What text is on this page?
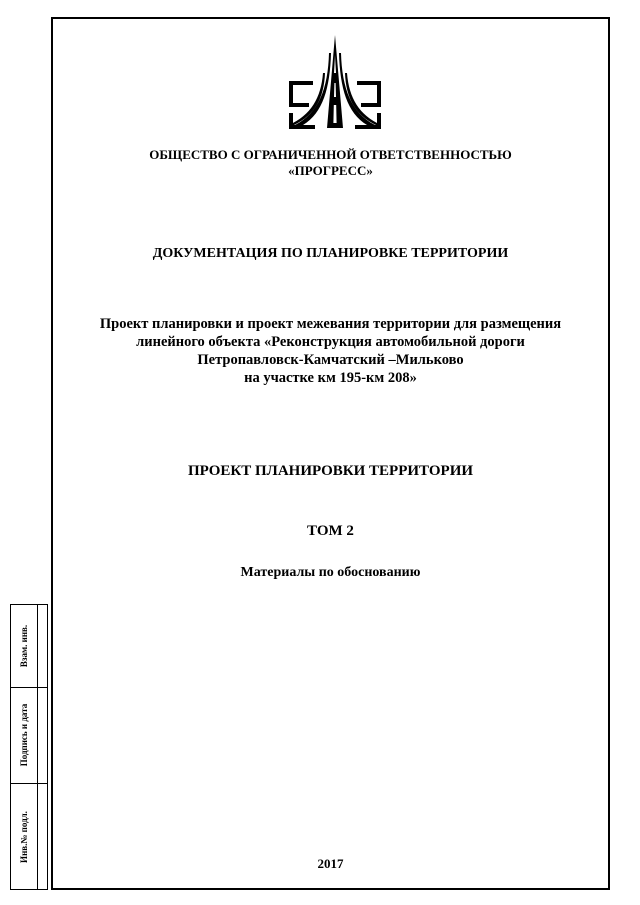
ОБЩЕСТВО С ОГРАНИЧЕННОЙ ОТВЕТСТВЕННОСТЬЮ
«ПРОГРЕСС»
ДОКУМЕНТАЦИЯ ПО ПЛАНИРОВКЕ ТЕРРИТОРИИ
Проект планировки и проект межевания территории для размещения
линейного объекта «Реконструкция автомобильной дороги
Петропавловск-Камчатский –Мильково
на участке км 195-км 208»
ПРОЕКТ ПЛАНИРОВКИ ТЕРРИТОРИИ
ТОМ 2
Материалы по обоснованию
2017
Взам. инв.
Подпись и дата
Инв.№ подл.
